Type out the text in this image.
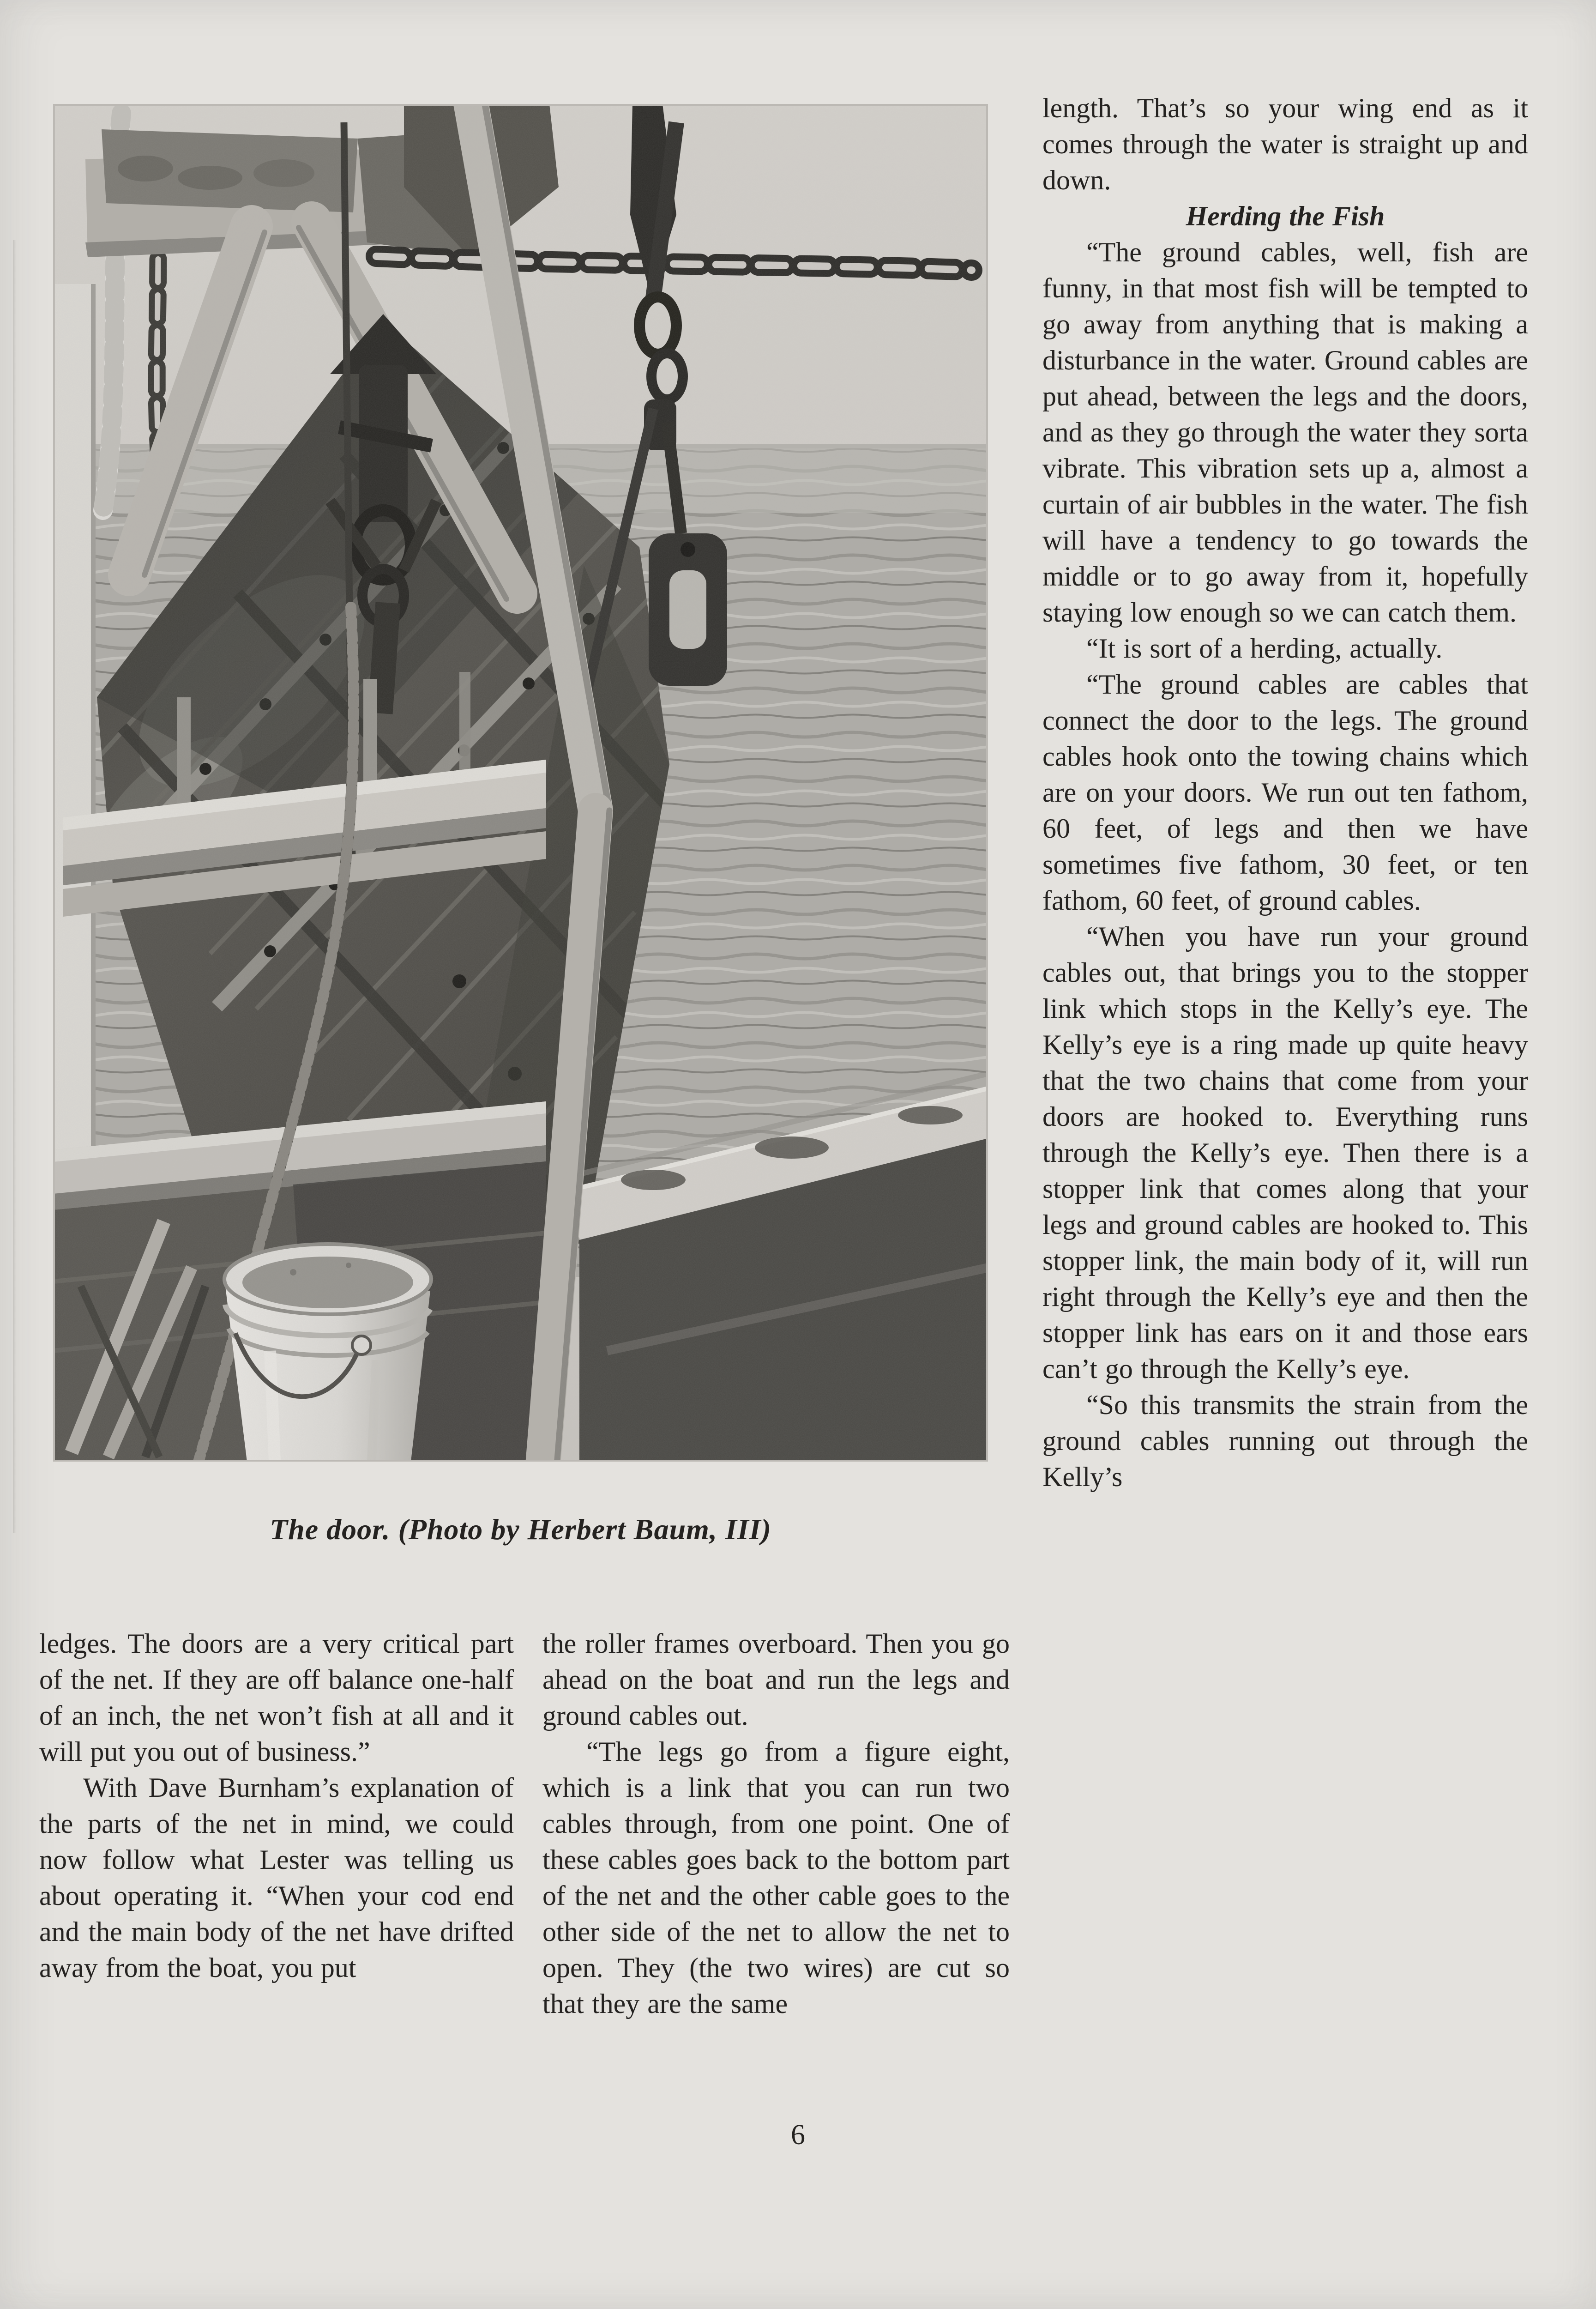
The door. (Photo by Herbert Baum, III)

ledges. The doors are a very critical part of the net. If they are off balance one-half of an inch, the net won’t fish at all and it will put you out of business.”

With Dave Burnham’s explanation of the parts of the net in mind, we could now follow what Lester was telling us about operating it. “When your cod end and the main body of the net have drifted away from the boat, you put

the roller frames overboard. Then you go ahead on the boat and run the legs and ground cables out.

“The legs go from a figure eight, which is a link that you can run two cables through, from one point. One of these cables goes back to the bottom part of the net and the other cable goes to the other side of the net to allow the net to open. They (the two wires) are cut so that they are the same

length. That’s so your wing end as it comes through the water is straight up and down.

Herding the Fish

“The ground cables, well, fish are funny, in that most fish will be tempted to go away from anything that is making a disturbance in the water. Ground cables are put ahead, between the legs and the doors, and as they go through the water they sorta vibrate. This vibration sets up a, almost a curtain of air bubbles in the water. The fish will have a tendency to go towards the middle or to go away from it, hopefully staying low enough so we can catch them.

“It is sort of a herding, actually.

“The ground cables are cables that connect the door to the legs. The ground cables hook onto the towing chains which are on your doors. We run out ten fathom, 60 feet, of legs and then we have sometimes five fathom, 30 feet, or ten fathom, 60 feet, of ground cables.

“When you have run your ground cables out, that brings you to the stopper link which stops in the Kelly’s eye. The Kelly’s eye is a ring made up quite heavy that the two chains that come from your doors are hooked to. Everything runs through the Kelly’s eye. Then there is a stopper link that comes along that your legs and ground cables are hooked to. This stopper link, the main body of it, will run right through the Kelly’s eye and then the stopper link has ears on it and those ears can’t go through the Kelly’s eye.

“So this transmits the strain from the ground cables running out through the Kelly’s

6
